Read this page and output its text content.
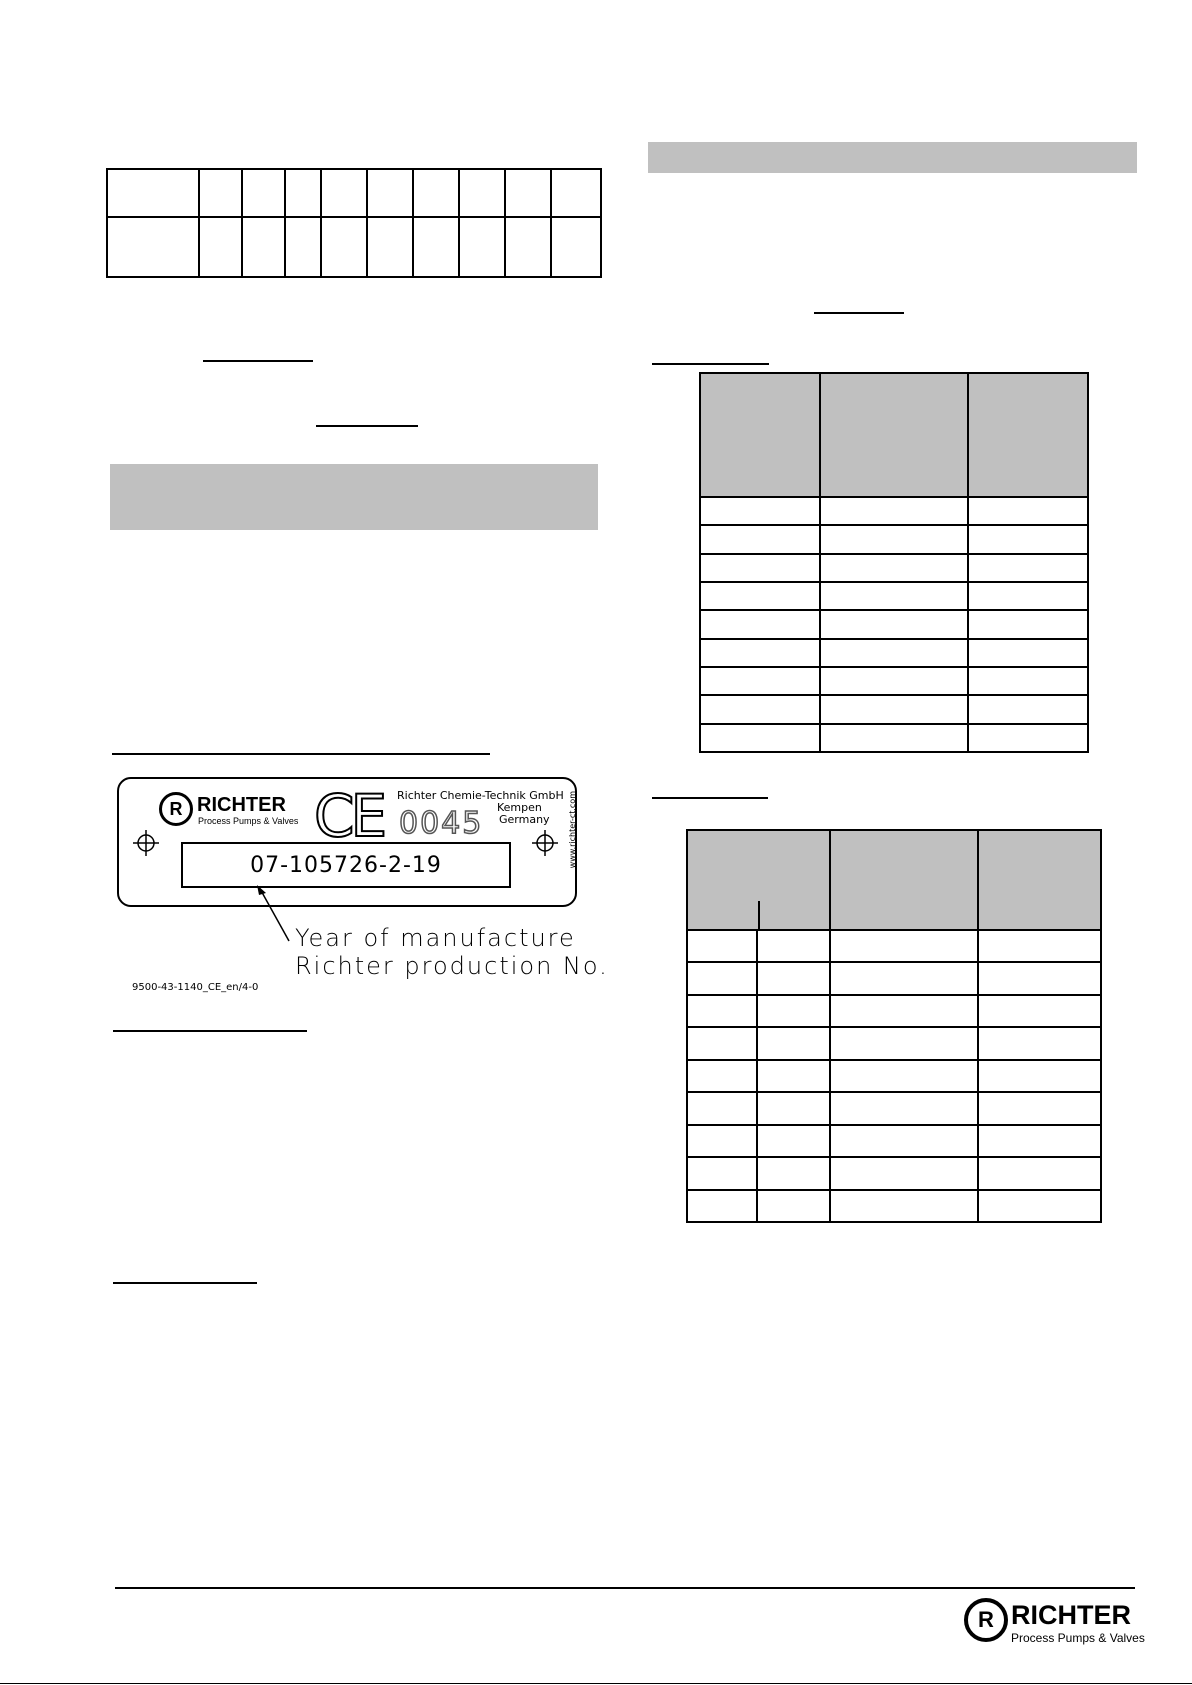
R RICHTER
Process Pumps & Valves CE 0045
Richter Chemie-Technik GmbH
Kempen
Germany www.richter-ct.com
07-105726-2-19
Year of manufacture
Richter production No.
9500-43-1140_CE_en/4-0

R RICHTER
Process Pumps & Valves
